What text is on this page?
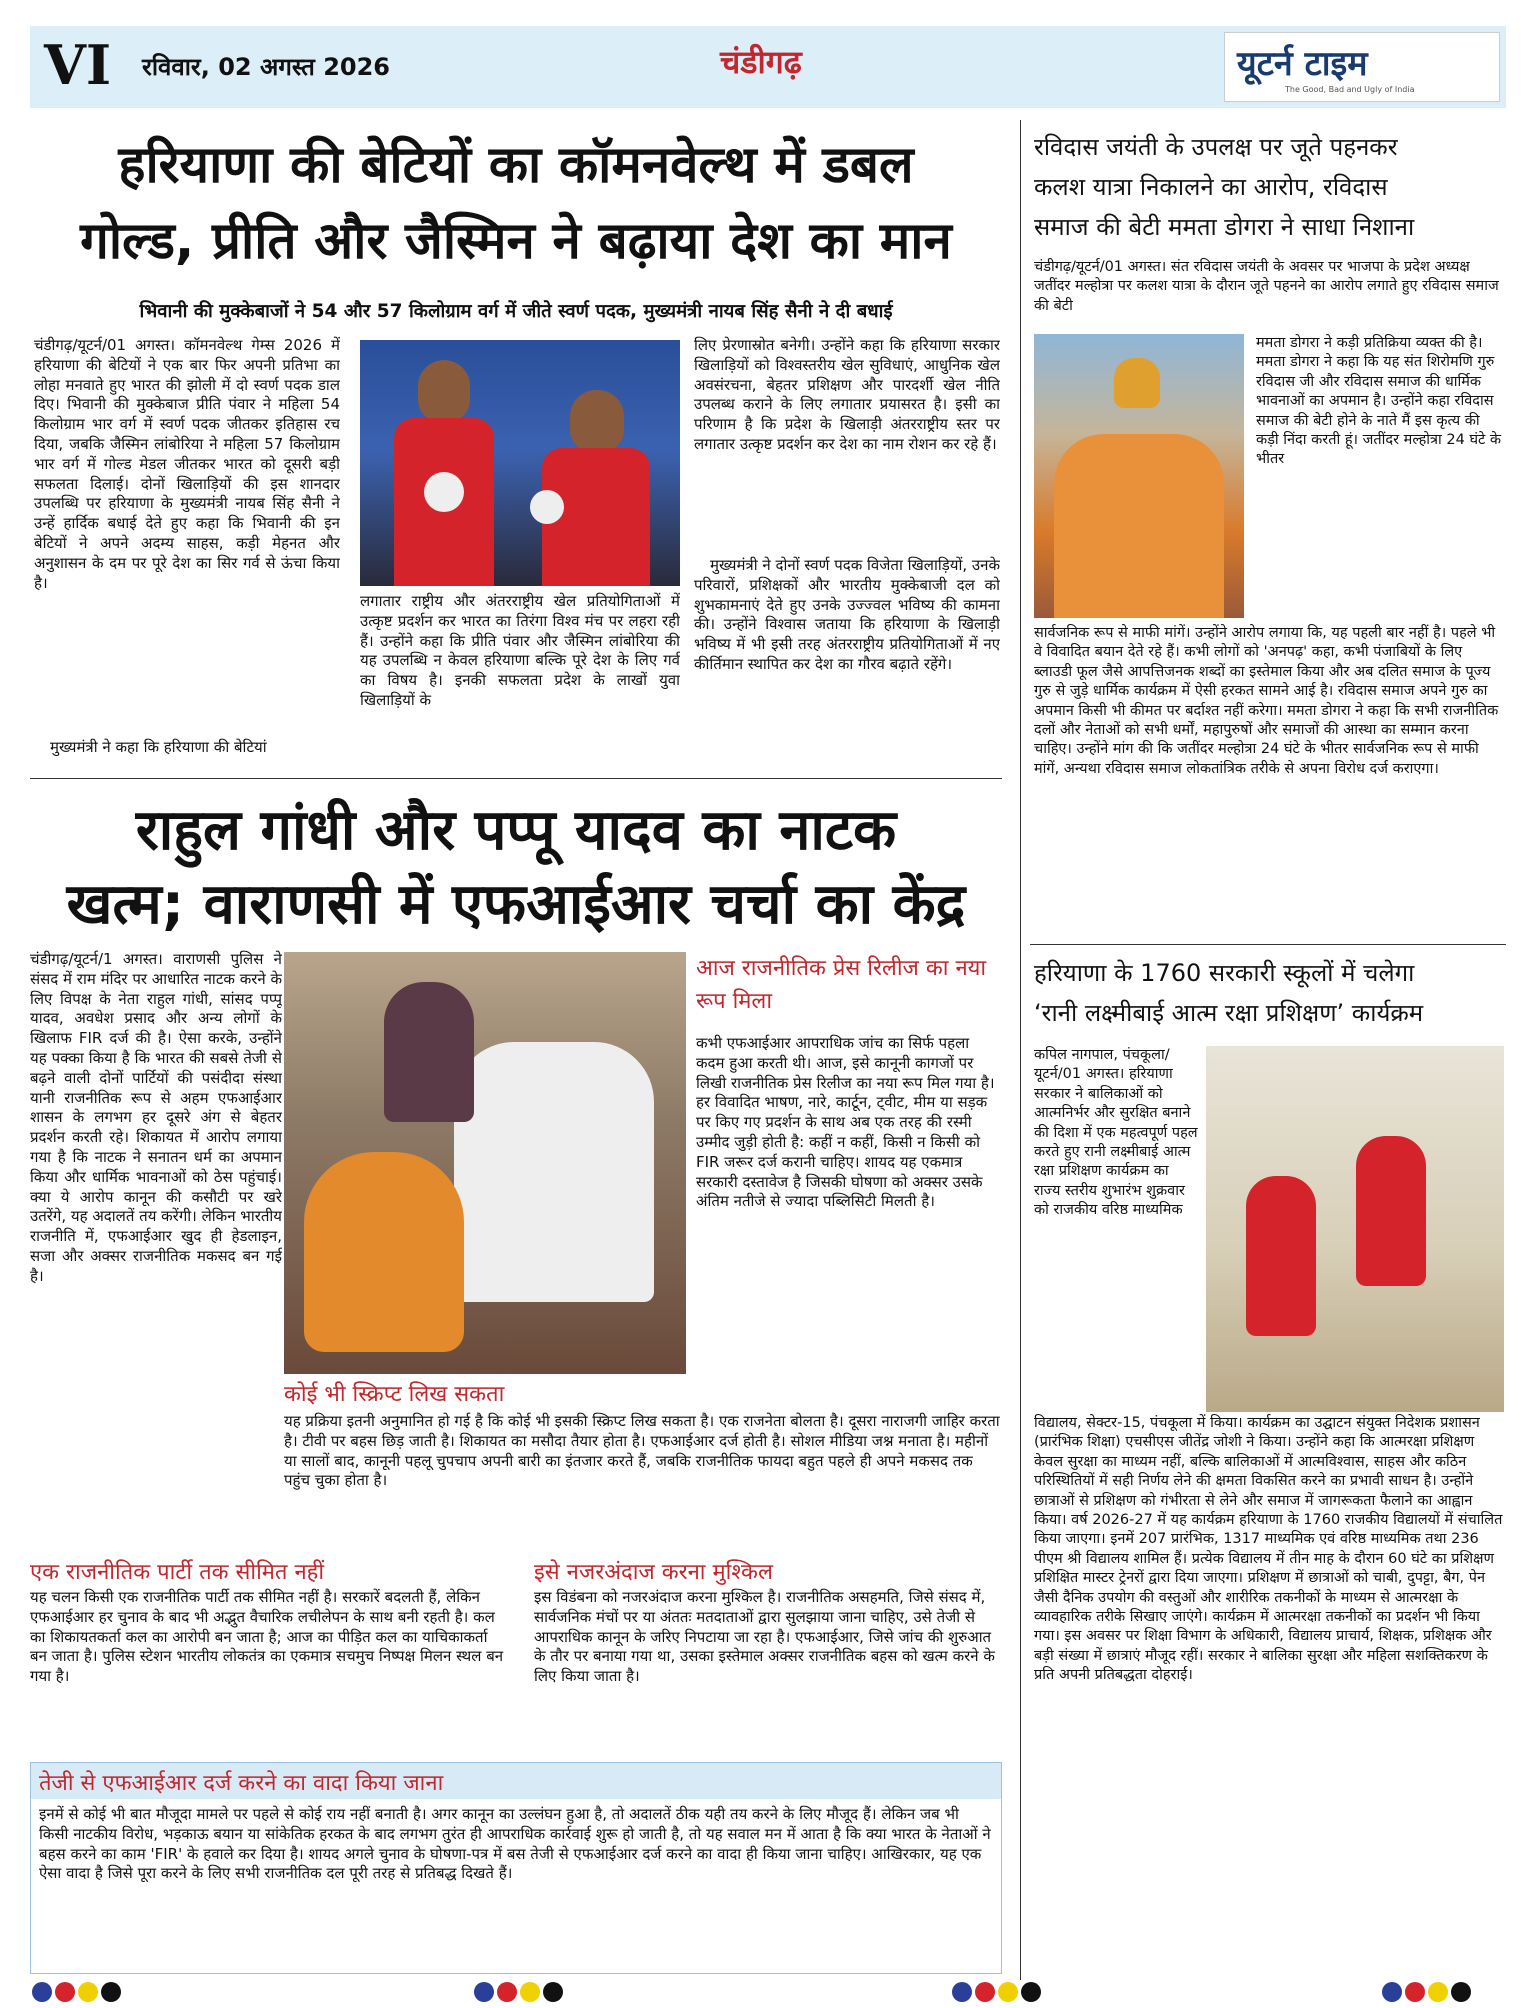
VI रविवार, 02 अगस्त 2026	चंडीगढ़	यूटर्न टाइम
The Good, Bad and Ugly of India
हरियाणा की बेटियों का कॉमनवेल्थ में डबल
गोल्ड, प्रीति और जैस्मिन ने बढ़ाया देश का मान
भिवानी की मुक्केबाजों ने 54 और 57 किलोग्राम वर्ग में जीते स्वर्ण पदक, मुख्यमंत्री नायब सिंह सैनी ने दी बधाई

चंडीगढ़/यूटर्न/01 अगस्त। कॉमनवेल्थ गेम्स 2026 में हरियाणा की बेटियों ने एक बार फिर अपनी प्रतिभा का लोहा मनवाते हुए भारत की झोली में दो स्वर्ण पदक डाल दिए। भिवानी की मुक्केबाज प्रीति पंवार ने महिला 54 किलोग्राम भार वर्ग में स्वर्ण पदक जीतकर इतिहास रच दिया, जबकि जैस्मिन लांबोरिया ने महिला 57 किलोग्राम भार वर्ग में गोल्ड मेडल जीतकर भारत को दूसरी बड़ी सफलता दिलाई। दोनों खिलाड़ियों की इस शानदार उपलब्धि पर हरियाणा के मुख्यमंत्री नायब सिंह सैनी ने उन्हें हार्दिक बधाई देते हुए कहा कि भिवानी की इन बेटियों ने अपने अदम्य साहस, कड़ी मेहनत और अनुशासन के दम पर पूरे देश का सिर गर्व से ऊंचा किया है।

मुख्यमंत्री ने कहा कि हरियाणा की बेटियां

लगातार राष्ट्रीय और अंतरराष्ट्रीय खेल प्रतियोगिताओं में उत्कृष्ट प्रदर्शन कर भारत का तिरंगा विश्व मंच पर लहरा रही हैं। उन्होंने कहा कि प्रीति पंवार और जैस्मिन लांबोरिया की यह उपलब्धि न केवल हरियाणा बल्कि पूरे देश के लिए गर्व का विषय है। इनकी सफलता प्रदेश के लाखों युवा खिलाड़ियों के

लिए प्रेरणास्रोत बनेगी। उन्होंने कहा कि हरियाणा सरकार खिलाड़ियों को विश्वस्तरीय खेल सुविधाएं, आधुनिक खेल अवसंरचना, बेहतर प्रशिक्षण और पारदर्शी खेल नीति उपलब्ध कराने के लिए लगातार प्रयासरत है। इसी का परिणाम है कि प्रदेश के खिलाड़ी अंतरराष्ट्रीय स्तर पर लगातार उत्कृष्ट प्रदर्शन कर देश का नाम रोशन कर रहे हैं।

मुख्यमंत्री ने दोनों स्वर्ण पदक विजेता खिलाड़ियों, उनके परिवारों, प्रशिक्षकों और भारतीय मुक्केबाजी दल को शुभकामनाएं देते हुए उनके उज्ज्वल भविष्य की कामना की। उन्होंने विश्वास जताया कि हरियाणा के खिलाड़ी भविष्य में भी इसी तरह अंतरराष्ट्रीय प्रतियोगिताओं में नए कीर्तिमान स्थापित कर देश का गौरव बढ़ाते रहेंगे।

राहुल गांधी और पप्पू यादव का नाटक
खत्म; वाराणसी में एफआईआर चर्चा का केंद्र

चंडीगढ़/यूटर्न/1 अगस्त। वाराणसी पुलिस ने संसद में राम मंदिर पर आधारित नाटक करने के लिए विपक्ष के नेता राहुल गांधी, सांसद पप्पू यादव, अवधेश प्रसाद और अन्य लोगों के खिलाफ FIR दर्ज की है। ऐसा करके, उन्होंने यह पक्का किया है कि भारत की सबसे तेजी से बढ़ने वाली दोनों पार्टियों की पसंदीदा संस्था यानी राजनीतिक रूप से अहम एफआईआर शासन के लगभग हर दूसरे अंग से बेहतर प्रदर्शन करती रहे। शिकायत में आरोप लगाया गया है कि नाटक ने सनातन धर्म का अपमान किया और धार्मिक भावनाओं को ठेस पहुंचाई। क्या ये आरोप कानून की कसौटी पर खरे उतरेंगे, यह अदालतें तय करेंगी। लेकिन भारतीय राजनीति में, एफआईआर खुद ही हेडलाइन, सजा और अक्सर राजनीतिक मकसद बन गई है।

आज राजनीतिक प्रेस रिलीज का नया रूप मिला

कभी एफआईआर आपराधिक जांच का सिर्फ पहला कदम हुआ करती थी। आज, इसे कानूनी कागजों पर लिखी राजनीतिक प्रेस रिलीज का नया रूप मिल गया है। हर विवादित भाषण, नारे, कार्टून, ट्वीट, मीम या सड़क पर किए गए प्रदर्शन के साथ अब एक तरह की रस्मी उम्मीद जुड़ी होती है: कहीं न कहीं, किसी न किसी को FIR जरूर दर्ज करानी चाहिए। शायद यह एकमात्र सरकारी दस्तावेज है जिसकी घोषणा को अक्सर उसके अंतिम नतीजे से ज्यादा पब्लिसिटी मिलती है।

कोई भी स्क्रिप्ट लिख सकता

यह प्रक्रिया इतनी अनुमानित हो गई है कि कोई भी इसकी स्क्रिप्ट लिख सकता है। एक राजनेता बोलता है। दूसरा नाराजगी जाहिर करता है। टीवी पर बहस छिड़ जाती है। शिकायत का मसौदा तैयार होता है। एफआईआर दर्ज होती है। सोशल मीडिया जश्न मनाता है। महीनों या सालों बाद, कानूनी पहलू चुपचाप अपनी बारी का इंतजार करते हैं, जबकि राजनीतिक फायदा बहुत पहले ही अपने मकसद तक पहुंच चुका होता है।

एक राजनीतिक पार्टी तक सीमित नहीं

यह चलन किसी एक राजनीतिक पार्टी तक सीमित नहीं है। सरकारें बदलती हैं, लेकिन एफआईआर हर चुनाव के बाद भी अद्भुत वैचारिक लचीलेपन के साथ बनी रहती है। कल का शिकायतकर्ता कल का आरोपी बन जाता है; आज का पीड़ित कल का याचिकाकर्ता बन जाता है। पुलिस स्टेशन भारतीय लोकतंत्र का एकमात्र सचमुच निष्पक्ष मिलन स्थल बन गया है।

इसे नजरअंदाज करना मुश्किल

इस विडंबना को नजरअंदाज करना मुश्किल है। राजनीतिक असहमति, जिसे संसद में, सार्वजनिक मंचों पर या अंततः मतदाताओं द्वारा सुलझाया जाना चाहिए, उसे तेजी से आपराधिक कानून के जरिए निपटाया जा रहा है। एफआईआर, जिसे जांच की शुरुआत के तौर पर बनाया गया था, उसका इस्तेमाल अक्सर राजनीतिक बहस को खत्म करने के लिए किया जाता है।

तेजी से एफआईआर दर्ज करने का वादा किया जाना

इनमें से कोई भी बात मौजूदा मामले पर पहले से कोई राय नहीं बनाती है। अगर कानून का उल्लंघन हुआ है, तो अदालतें ठीक यही तय करने के लिए मौजूद हैं। लेकिन जब भी किसी नाटकीय विरोध, भड़काऊ बयान या सांकेतिक हरकत के बाद लगभग तुरंत ही आपराधिक कार्रवाई शुरू हो जाती है, तो यह सवाल मन में आता है कि क्या भारत के नेताओं ने बहस करने का काम 'FIR' के हवाले कर दिया है। शायद अगले चुनाव के घोषणा-पत्र में बस तेजी से एफआईआर दर्ज करने का वादा ही किया जाना चाहिए। आखिरकार, यह एक ऐसा वादा है जिसे पूरा करने के लिए सभी राजनीतिक दल पूरी तरह से प्रतिबद्ध दिखते हैं।

रविदास जयंती के उपलक्ष पर जूते पहनकर
कलश यात्रा निकालने का आरोप, रविदास
समाज की बेटी ममता डोगरा ने साधा निशाना

चंडीगढ़/यूटर्न/01 अगस्त। संत रविदास जयंती के अवसर पर भाजपा के प्रदेश अध्यक्ष जतींदर मल्होत्रा पर कलश यात्रा के दौरान जूते पहनने का आरोप लगाते हुए रविदास समाज की बेटी

ममता डोगरा ने कड़ी प्रतिक्रिया व्यक्त की है। ममता डोगरा ने कहा कि यह संत शिरोमणि गुरु रविदास जी और रविदास समाज की धार्मिक भावनाओं का अपमान है। उन्होंने कहा रविदास समाज की बेटी होने के नाते मैं इस कृत्य की कड़ी निंदा करती हूं। जतींदर मल्होत्रा 24 घंटे के भीतर

सार्वजनिक रूप से माफी मांगें। उन्होंने आरोप लगाया कि, यह पहली बार नहीं है। पहले भी वे विवादित बयान देते रहे हैं। कभी लोगों को 'अनपढ़' कहा, कभी पंजाबियों के लिए ब्लाउडी फूल जैसे आपत्तिजनक शब्दों का इस्तेमाल किया और अब दलित समाज के पूज्य गुरु से जुड़े धार्मिक कार्यक्रम में ऐसी हरकत सामने आई है। रविदास समाज अपने गुरु का अपमान किसी भी कीमत पर बर्दाश्त नहीं करेगा। ममता डोगरा ने कहा कि सभी राजनीतिक दलों और नेताओं को सभी धर्मों, महापुरुषों और समाजों की आस्था का सम्मान करना चाहिए। उन्होंने मांग की कि जतींदर मल्होत्रा 24 घंटे के भीतर सार्वजनिक रूप से माफी मांगें, अन्यथा रविदास समाज लोकतांत्रिक तरीके से अपना विरोध दर्ज कराएगा।

हरियाणा के 1760 सरकारी स्कूलों में चलेगा
‘रानी लक्ष्मीबाई आत्म रक्षा प्रशिक्षण’ कार्यक्रम

कपिल नागपाल, पंचकूला/यूटर्न/01 अगस्त। हरियाणा सरकार ने बालिकाओं को आत्मनिर्भर और सुरक्षित बनाने की दिशा में एक महत्वपूर्ण पहल करते हुए रानी लक्ष्मीबाई आत्म रक्षा प्रशिक्षण कार्यक्रम का राज्य स्तरीय शुभारंभ शुक्रवार को राजकीय वरिष्ठ माध्यमिक

विद्यालय, सेक्टर-15, पंचकूला में किया। कार्यक्रम का उद्घाटन संयुक्त निदेशक प्रशासन (प्रारंभिक शिक्षा) एचसीएस जीतेंद्र जोशी ने किया। उन्होंने कहा कि आत्मरक्षा प्रशिक्षण केवल सुरक्षा का माध्यम नहीं, बल्कि बालिकाओं में आत्मविश्वास, साहस और कठिन परिस्थितियों में सही निर्णय लेने की क्षमता विकसित करने का प्रभावी साधन है। उन्होंने छात्राओं से प्रशिक्षण को गंभीरता से लेने और समाज में जागरूकता फैलाने का आह्वान किया। वर्ष 2026-27 में यह कार्यक्रम हरियाणा के 1760 राजकीय विद्यालयों में संचालित किया जाएगा। इनमें 207 प्रारंभिक, 1317 माध्यमिक एवं वरिष्ठ माध्यमिक तथा 236 पीएम श्री विद्यालय शामिल हैं। प्रत्येक विद्यालय में तीन माह के दौरान 60 घंटे का प्रशिक्षण प्रशिक्षित मास्टर ट्रेनरों द्वारा दिया जाएगा। प्रशिक्षण में छात्राओं को चाबी, दुपट्टा, बैग, पेन जैसी दैनिक उपयोग की वस्तुओं और शारीरिक तकनीकों के माध्यम से आत्मरक्षा के व्यावहारिक तरीके सिखाए जाएंगे। कार्यक्रम में आत्मरक्षा तकनीकों का प्रदर्शन भी किया गया। इस अवसर पर शिक्षा विभाग के अधिकारी, विद्यालय प्राचार्य, शिक्षक, प्रशिक्षक और बड़ी संख्या में छात्राएं मौजूद रहीं। सरकार ने बालिका सुरक्षा और महिला सशक्तिकरण के प्रति अपनी प्रतिबद्धता दोहराई।
